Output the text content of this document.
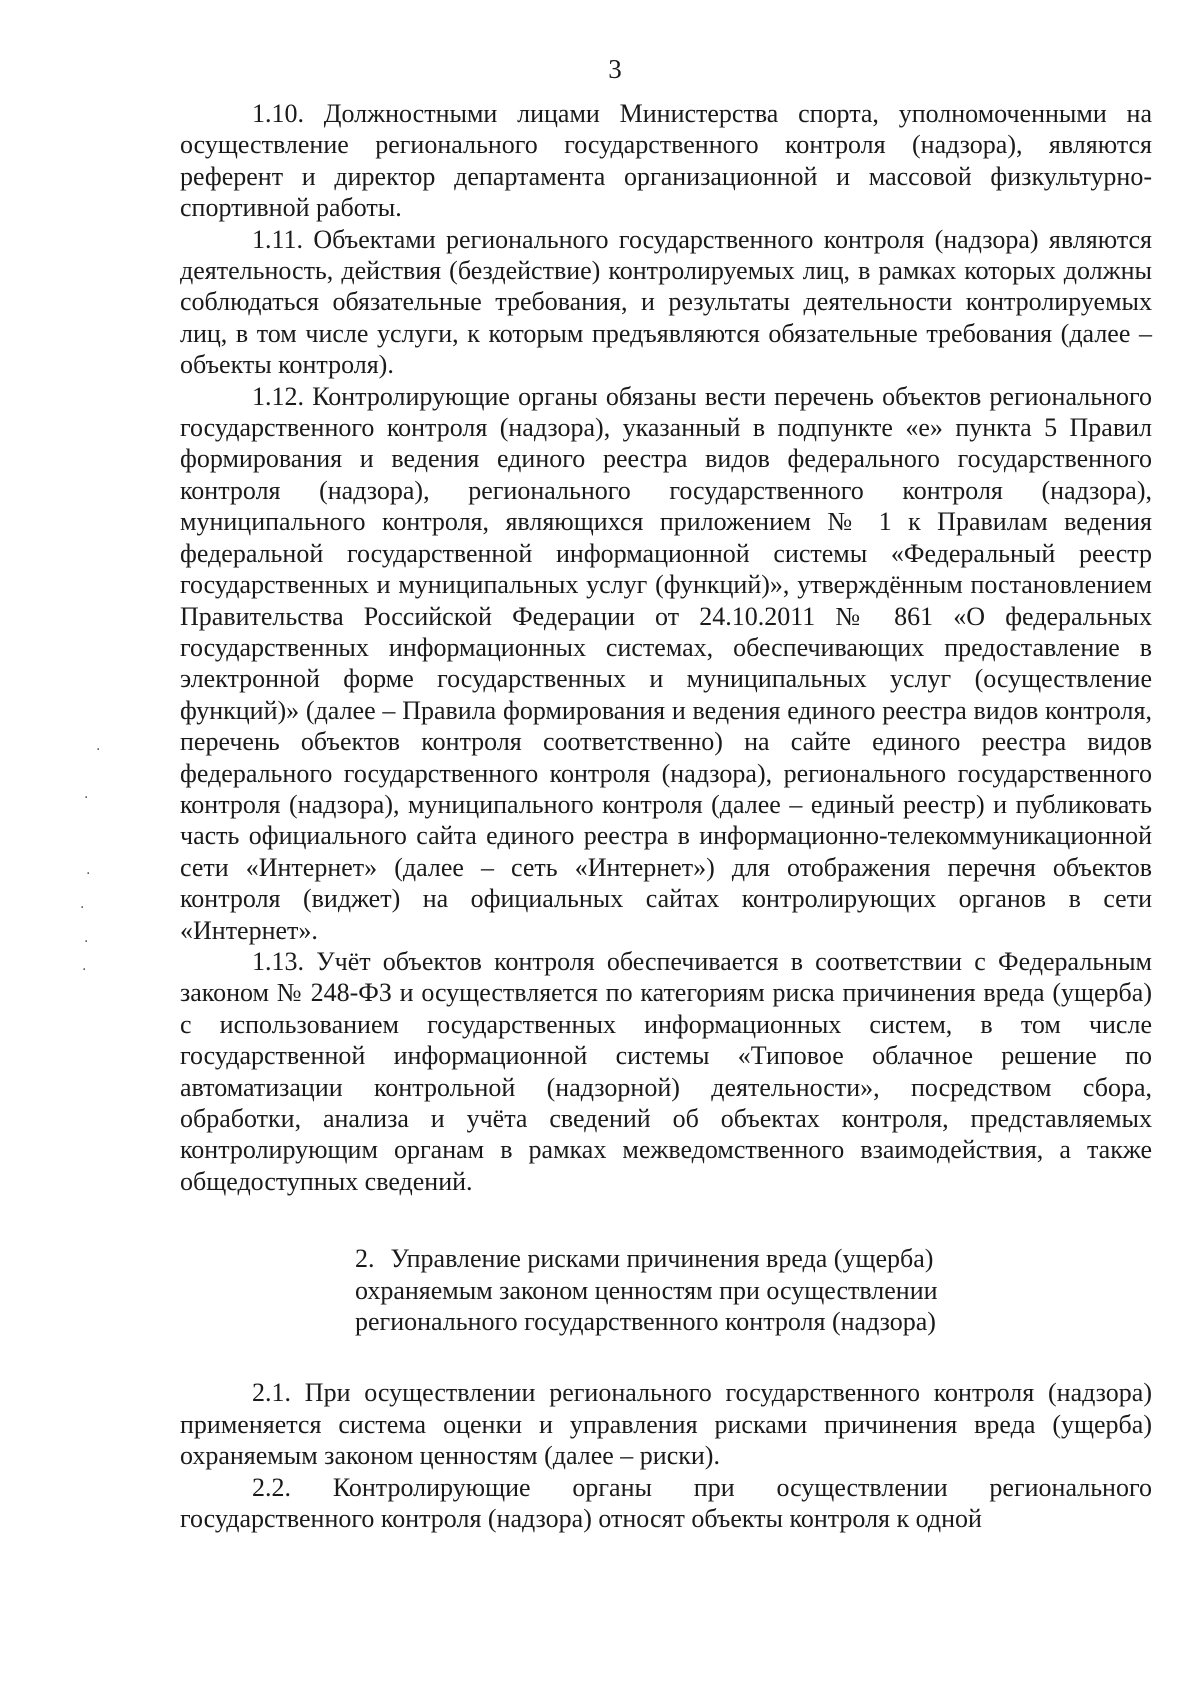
3

1.10. Должностными лицами Министерства спорта, уполномоченными на осуществление регионального государственного контроля (надзора), являются референт и директор департамента организационной и массовой физкультурно-спортивной работы.

1.11. Объектами регионального государственного контроля (надзора) являются деятельность, действия (бездействие) контролируемых лиц, в рамках которых должны соблюдаться обязательные требования, и результаты деятельности контролируемых лиц, в том числе услуги, к которым предъявляются обязательные требования (далее – объекты контроля).

1.12. Контролирующие органы обязаны вести перечень объектов регионального государственного контроля (надзора), указанный в подпункте «е» пункта 5 Правил формирования и ведения единого реестра видов федерального государственного контроля (надзора), регионального государственного контроля (надзора), муниципального контроля, являющихся приложением № 1 к Правилам ведения федеральной государственной информационной системы «Федеральный реестр государственных и муниципальных услуг (функций)», утверждённым постановлением Правительства Российской Федерации от 24.10.2011 № 861 «О федеральных государственных информационных системах, обеспечивающих предоставление в электронной форме государственных и муниципальных услуг (осуществление функций)» (далее – Правила формирования и ведения единого реестра видов контроля, перечень объектов контроля соответственно) на сайте единого реестра видов федерального государственного контроля (надзора), регионального государственного контроля (надзора), муниципального контроля (далее – единый реестр) и публиковать часть официального сайта единого реестра в информационно-телекоммуникационной сети «Интернет» (далее – сеть «Интернет») для отображения перечня объектов контроля (виджет) на официальных сайтах контролирующих органов в сети «Интернет».

1.13. Учёт объектов контроля обеспечивается в соответствии с Федеральным законом № 248-ФЗ и осуществляется по категориям риска причинения вреда (ущерба) с использованием государственных информационных систем, в том числе государственной информационной системы «Типовое облачное решение по автоматизации контрольной (надзорной) деятельности», посредством сбора, обработки, анализа и учёта сведений об объектах контроля, представляемых контролирующим органам в рамках межведомственного взаимодействия, а также общедоступных сведений.

2. Управление рисками причинения вреда (ущерба)
охраняемым законом ценностям при осуществлении
регионального государственного контроля (надзора)

2.1. При осуществлении регионального государственного контроля (надзора) применяется система оценки и управления рисками причинения вреда (ущерба) охраняемым законом ценностям (далее – риски).

2.2. Контролирующие органы при осуществлении регионального государственного контроля (надзора) относят объекты контроля к одной

·
·
·
·
·
·
